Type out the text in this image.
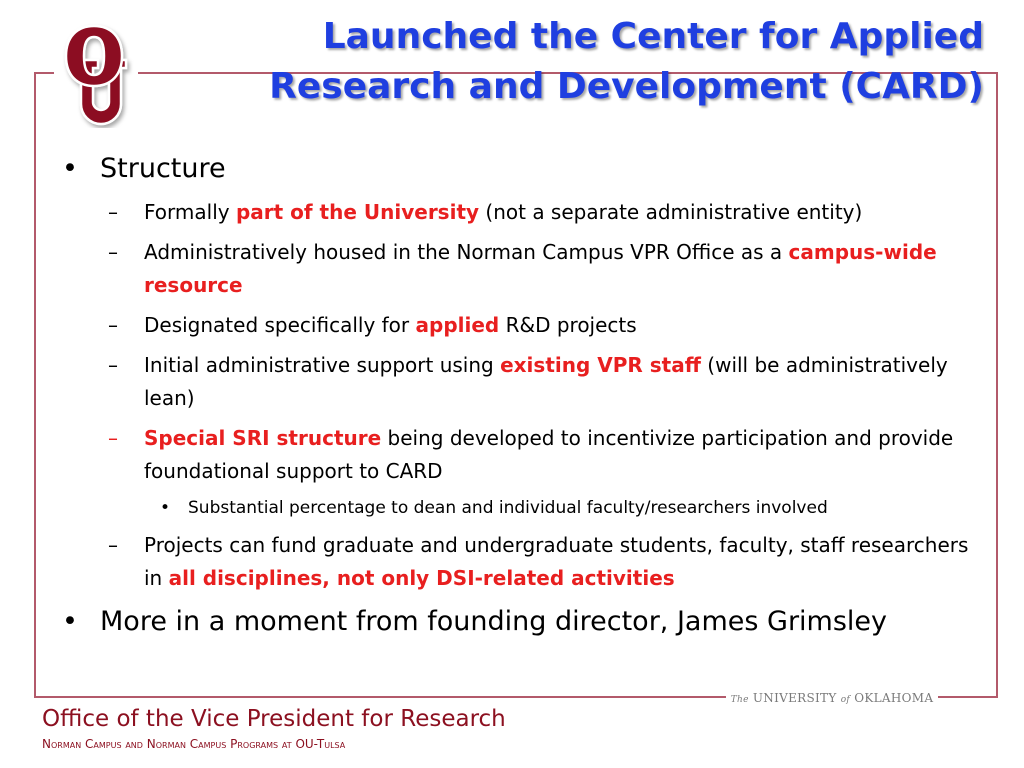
Launched the Center for Applied
Research and Development (CARD)
• Structure
– Formally part of the University (not a separate administrative entity)
– Administratively housed in the Norman Campus VPR Office as a campus-wide resource
– Designated specifically for applied R&D projects
– Initial administrative support using existing VPR staff (will be administratively lean)
– Special SRI structure being developed to incentivize participation and provide foundational support to CARD
• Substantial percentage to dean and individual faculty/researchers involved
– Projects can fund graduate and undergraduate students, faculty, staff researchers in all disciplines, not only DSI-related activities
• More in a moment from founding director, James Grimsley
The UNIVERSITY of OKLAHOMA
Office of the Vice President for Research
Norman Campus and Norman Campus Programs at OU-Tulsa
